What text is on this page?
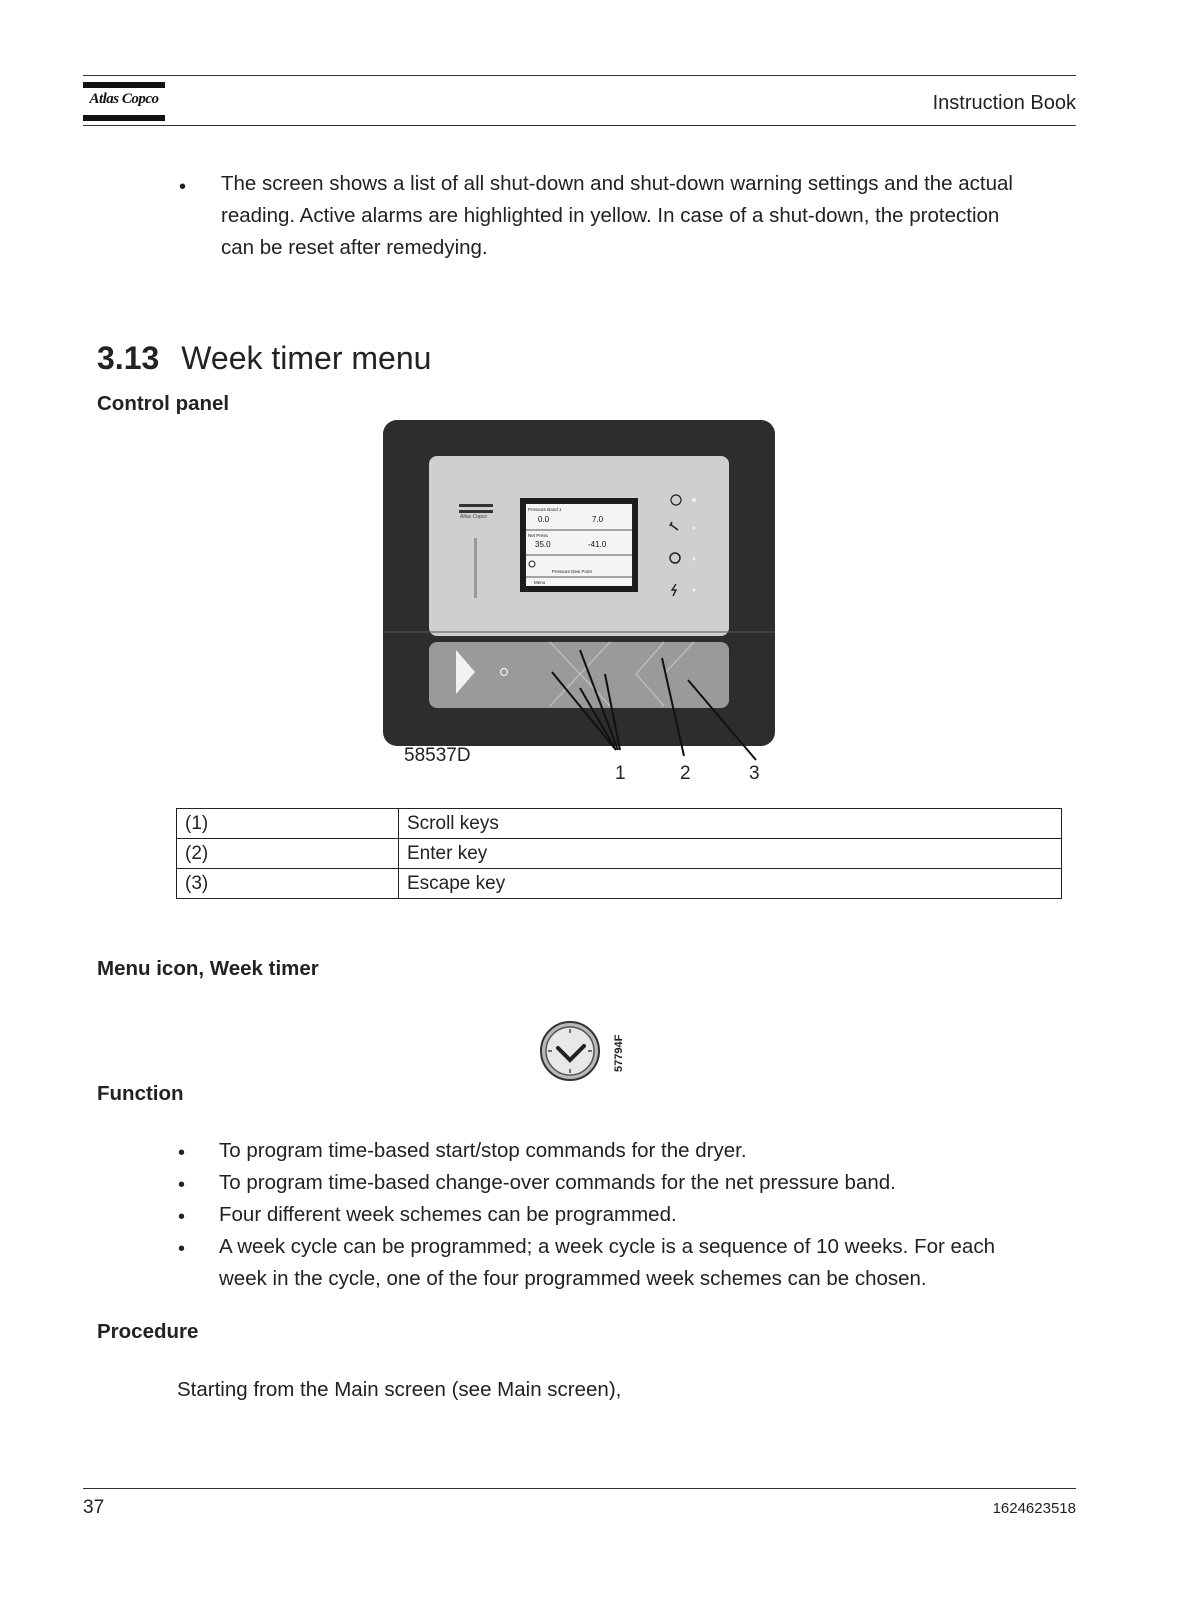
Atlas Copco	Instruction Book
• The screen shows a list of all shut-down and shut-down warning settings and the actual
reading. Active alarms are highlighted in yellow. In case of a shut-down, the protection
can be reset after remedying.
3.13 Week timer menu
Control panel
Atlas Copco
Pressure Band 1
0.0	7.0
Net Press
35.0	-41.0
Pressure Dew Point
Menu
58537D
1	2	3
(1)	Scroll keys
(2)	Enter key
(3)	Escape key
Menu icon, Week timer
57794F
Function
•
•
•
•
To program time-based start/stop commands for the dryer.
To program time-based change-over commands for the net pressure band.
Four different week schemes can be programmed.
A week cycle can be programmed; a week cycle is a sequence of 10 weeks. For each
week in the cycle, one of the four programmed week schemes can be chosen.
Procedure
Starting from the Main screen (see Main screen),
37	1624623518
